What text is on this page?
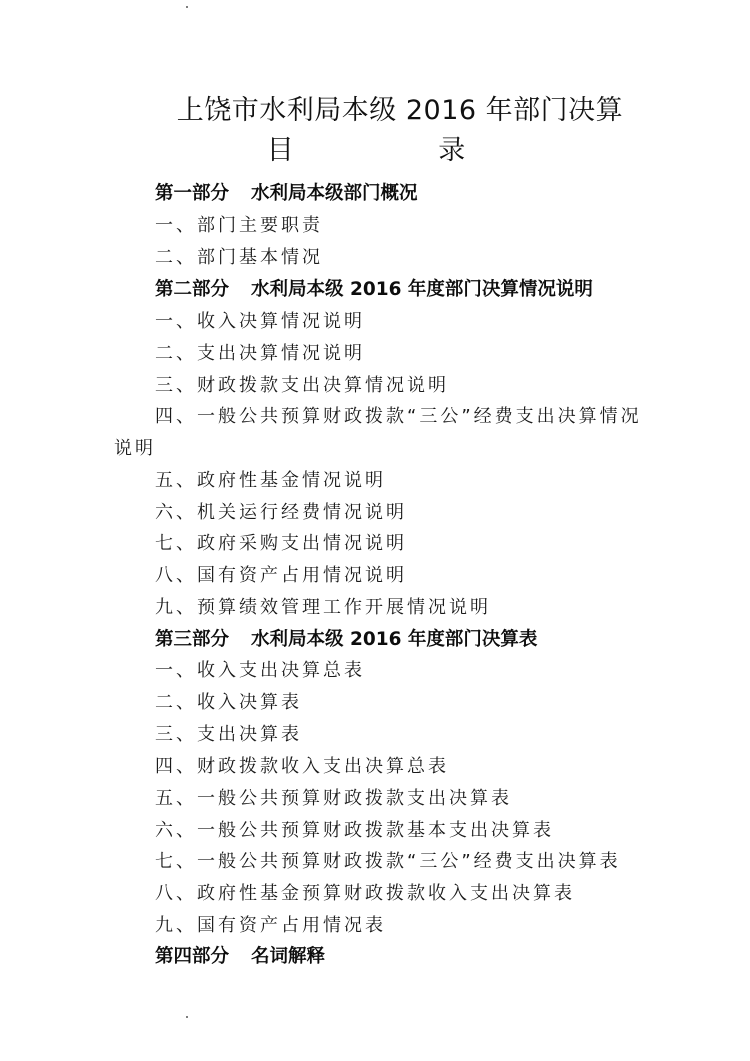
上饶市水利局本级 2016 年部门决算
目 录
第一部分 水利局本级部门概况
一、部门主要职责
二、部门基本情况
第二部分 水利局本级 2016 年度部门决算情况说明
一、收入决算情况说明
二、支出决算情况说明
三、财政拨款支出决算情况说明
四、一般公共预算财政拨款“三公”经费支出决算情况
说明
五、政府性基金情况说明
六、机关运行经费情况说明
七、政府采购支出情况说明
八、国有资产占用情况说明
九、预算绩效管理工作开展情况说明
第三部分 水利局本级 2016 年度部门决算表
一、收入支出决算总表
二、收入决算表
三、支出决算表
四、财政拨款收入支出决算总表
五、一般公共预算财政拨款支出决算表
六、一般公共预算财政拨款基本支出决算表
七、一般公共预算财政拨款“三公”经费支出决算表
八、政府性基金预算财政拨款收入支出决算表
九、国有资产占用情况表
第四部分 名词解释
